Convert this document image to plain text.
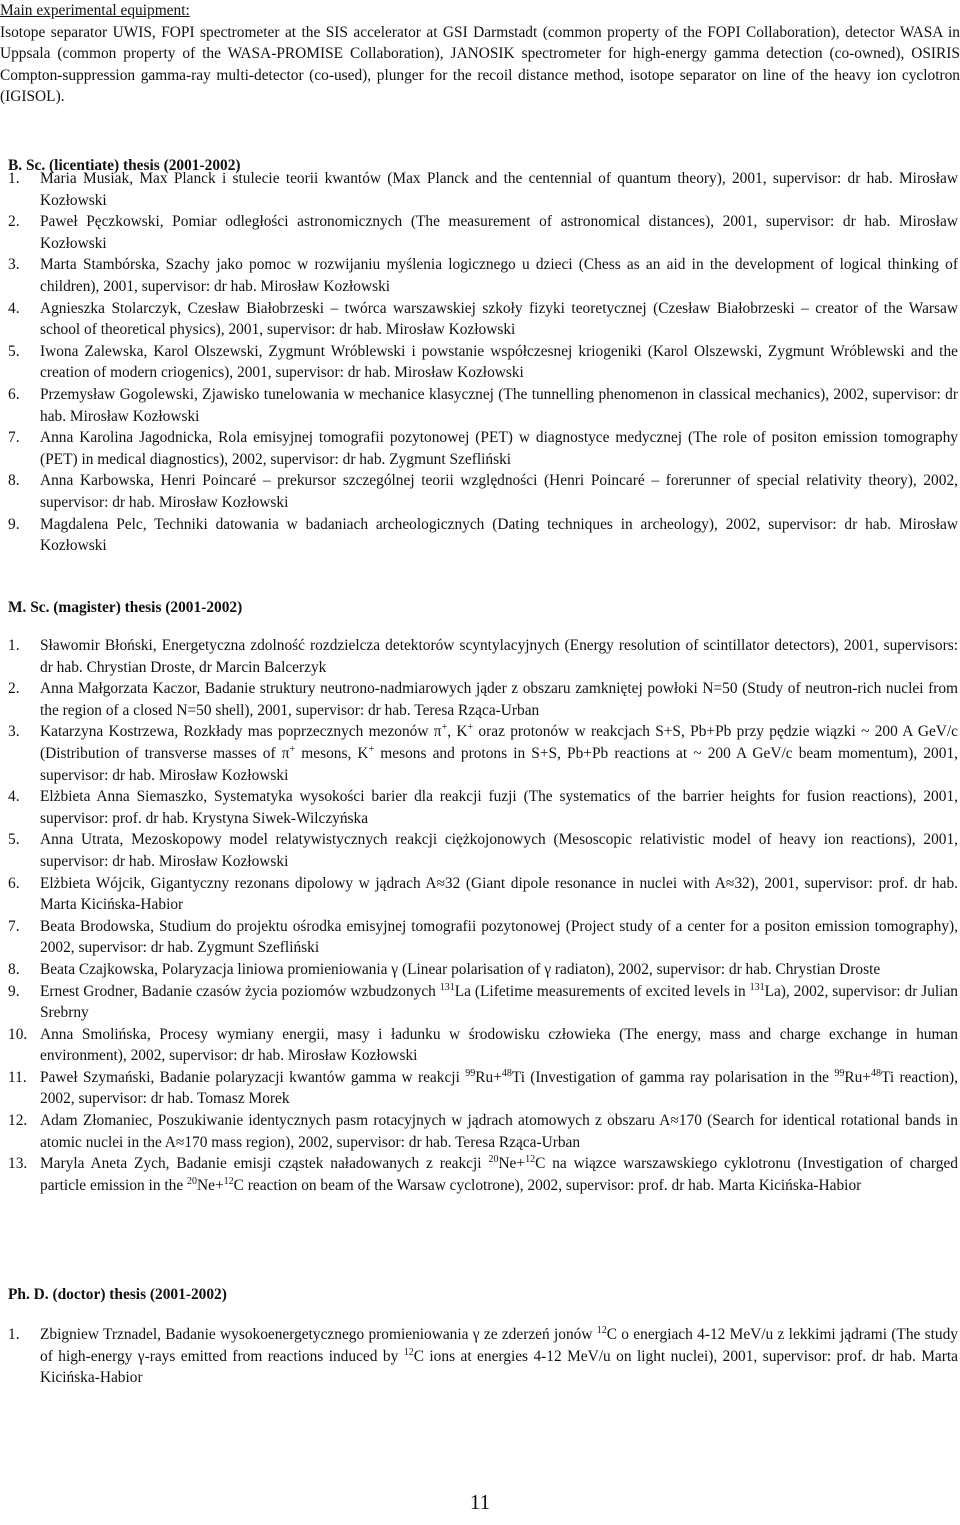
Main experimental equipment:
Isotope separator UWIS, FOPI spectrometer at the SIS accelerator at GSI Darmstadt (common property of the FOPI Collaboration), detector WASA in Uppsala (common property of the WASA-PROMISE Collaboration), JANOSIK spectrometer for high-energy gamma detection (co-owned), OSIRIS Compton-suppression gamma-ray multi-detector (co-used), plunger for the recoil distance method, isotope separator on line of the heavy ion cyclotron (IGISOL).
B. Sc. (licentiate) thesis (2001-2002)
1. Maria Musiak, Max Planck i stulecie teorii kwantów (Max Planck and the centennial of quantum theory), 2001, supervisor: dr hab. Mirosław Kozłowski
2. Paweł Pęczkowski, Pomiar odległości astronomicznych (The measurement of astronomical distances), 2001, supervisor: dr hab. Mirosław Kozłowski
3. Marta Stambórska, Szachy jako pomoc w rozwijaniu myślenia logicznego u dzieci (Chess as an aid in the development of logical thinking of children), 2001, supervisor: dr hab. Mirosław Kozłowski
4. Agnieszka Stolarczyk, Czesław Białobrzeski – twórca warszawskiej szkoły fizyki teoretycznej (Czesław Białobrzeski – creator of the Warsaw school of theoretical physics), 2001, supervisor: dr hab. Mirosław Kozłowski
5. Iwona Zalewska, Karol Olszewski, Zygmunt Wróblewski i powstanie współczesnej kriogeniki (Karol Olszewski, Zygmunt Wróblewski and the creation of modern criogenics), 2001, supervisor: dr hab. Mirosław Kozłowski
6. Przemysław Gogolewski, Zjawisko tunelowania w mechanice klasycznej (The tunnelling phenomenon in classical mechanics), 2002, supervisor: dr hab. Mirosław Kozłowski
7. Anna Karolina Jagodnicka, Rola emisyjnej tomografii pozytonowej (PET) w diagnostyce medycznej (The role of positon emission tomography (PET) in medical diagnostics), 2002, supervisor: dr hab. Zygmunt Szefliński
8. Anna Karbowska, Henri Poincaré – prekursor szczególnej teorii względności (Henri Poincaré – forerunner of special relativity theory), 2002, supervisor: dr hab. Mirosław Kozłowski
9. Magdalena Pelc, Techniki datowania w badaniach archeologicznych (Dating techniques in archeology), 2002, supervisor: dr hab. Mirosław Kozłowski
M. Sc. (magister) thesis (2001-2002)
1. Sławomir Błoński, Energetyczna zdolność rozdzielcza detektorów scyntylacyjnych (Energy resolution of scintillator detectors), 2001, supervisors: dr hab. Chrystian Droste, dr Marcin Balcerzyk
2. Anna Małgorzata Kaczor, Badanie struktury neutrono-nadmiarowych jąder z obszaru zamkniętej powłoki N=50 (Study of neutron-rich nuclei from the region of a closed N=50 shell), 2001, supervisor: dr hab. Teresa Rząca-Urban
3. Katarzyna Kostrzewa, Rozkłady mas poprzecznych mezonów π+, K+ oraz protonów w reakcjach S+S, Pb+Pb przy pędzie wiązki ~ 200 A GeV/c (Distribution of transverse masses of π+ mesons, K+ mesons and protons in S+S, Pb+Pb reactions at ~ 200 A GeV/c beam momentum), 2001, supervisor: dr hab. Mirosław Kozłowski
4. Elżbieta Anna Siemaszko, Systematyka wysokości barier dla reakcji fuzji (The systematics of the barrier heights for fusion reactions), 2001, supervisor: prof. dr hab. Krystyna Siwek-Wilczyńska
5. Anna Utrata, Mezoskopowy model relatywistycznych reakcji ciężkojonowych (Mesoscopic relativistic model of heavy ion reactions), 2001, supervisor: dr hab. Mirosław Kozłowski
6. Elżbieta Wójcik, Gigantyczny rezonans dipolowy w jądrach A≈32 (Giant dipole resonance in nuclei with A≈32), 2001, supervisor: prof. dr hab. Marta Kicińska-Habior
7. Beata Brodowska, Studium do projektu ośrodka emisyjnej tomografii pozytonowej (Project study of a center for a positon emission tomography), 2002, supervisor: dr hab. Zygmunt Szefliński
8. Beata Czajkowska, Polaryzacja liniowa promieniowania γ (Linear polarisation of γ radiaton), 2002, supervisor: dr hab. Chrystian Droste
9. Ernest Grodner, Badanie czasów życia poziomów wzbudzonych $^{131}$La (Lifetime measurements of excited levels in $^{131}$La), 2002, supervisor: dr Julian Srebrny
10. Anna Smolińska, Procesy wymiany energii, masy i ładunku w środowisku człowieka (The energy, mass and charge exchange in human environment), 2002, supervisor: dr hab. Mirosław Kozłowski
11. Paweł Szymański, Badanie polaryzacji kwantów gamma w reakcji $^{99}$Ru+$^{48}$Ti (Investigation of gamma ray polarisation in the $^{99}$Ru+$^{48}$Ti reaction), 2002, supervisor: dr hab. Tomasz Morek
12. Adam Złomaniec, Poszukiwanie identycznych pasm rotacyjnych w jądrach atomowych z obszaru A≈170 (Search for identical rotational bands in atomic nuclei in the A≈170 mass region), 2002, supervisor: dr hab. Teresa Rząca-Urban
13. Maryla Aneta Zych, Badanie emisji cząstek naładowanych z reakcji $^{20}$Ne+$^{12}$C na wiązce warszawskiego cyklotronu (Investigation of charged particle emission in the $^{20}$Ne+$^{12}$C reaction on beam of the Warsaw cyclotrone), 2002, supervisor: prof. dr hab. Marta Kicińska-Habior
Ph. D. (doctor) thesis (2001-2002)
1. Zbigniew Trznadel, Badanie wysokoenergetycznego promieniowania γ ze zderzeń jonów $^{12}$C o energiach 4-12 MeV/u z lekkimi jądrami (The study of high-energy γ-rays emitted from reactions induced by $^{12}$C ions at energies 4-12 MeV/u on light nuclei), 2001, supervisor: prof. dr hab. Marta Kicińska-Habior
11
